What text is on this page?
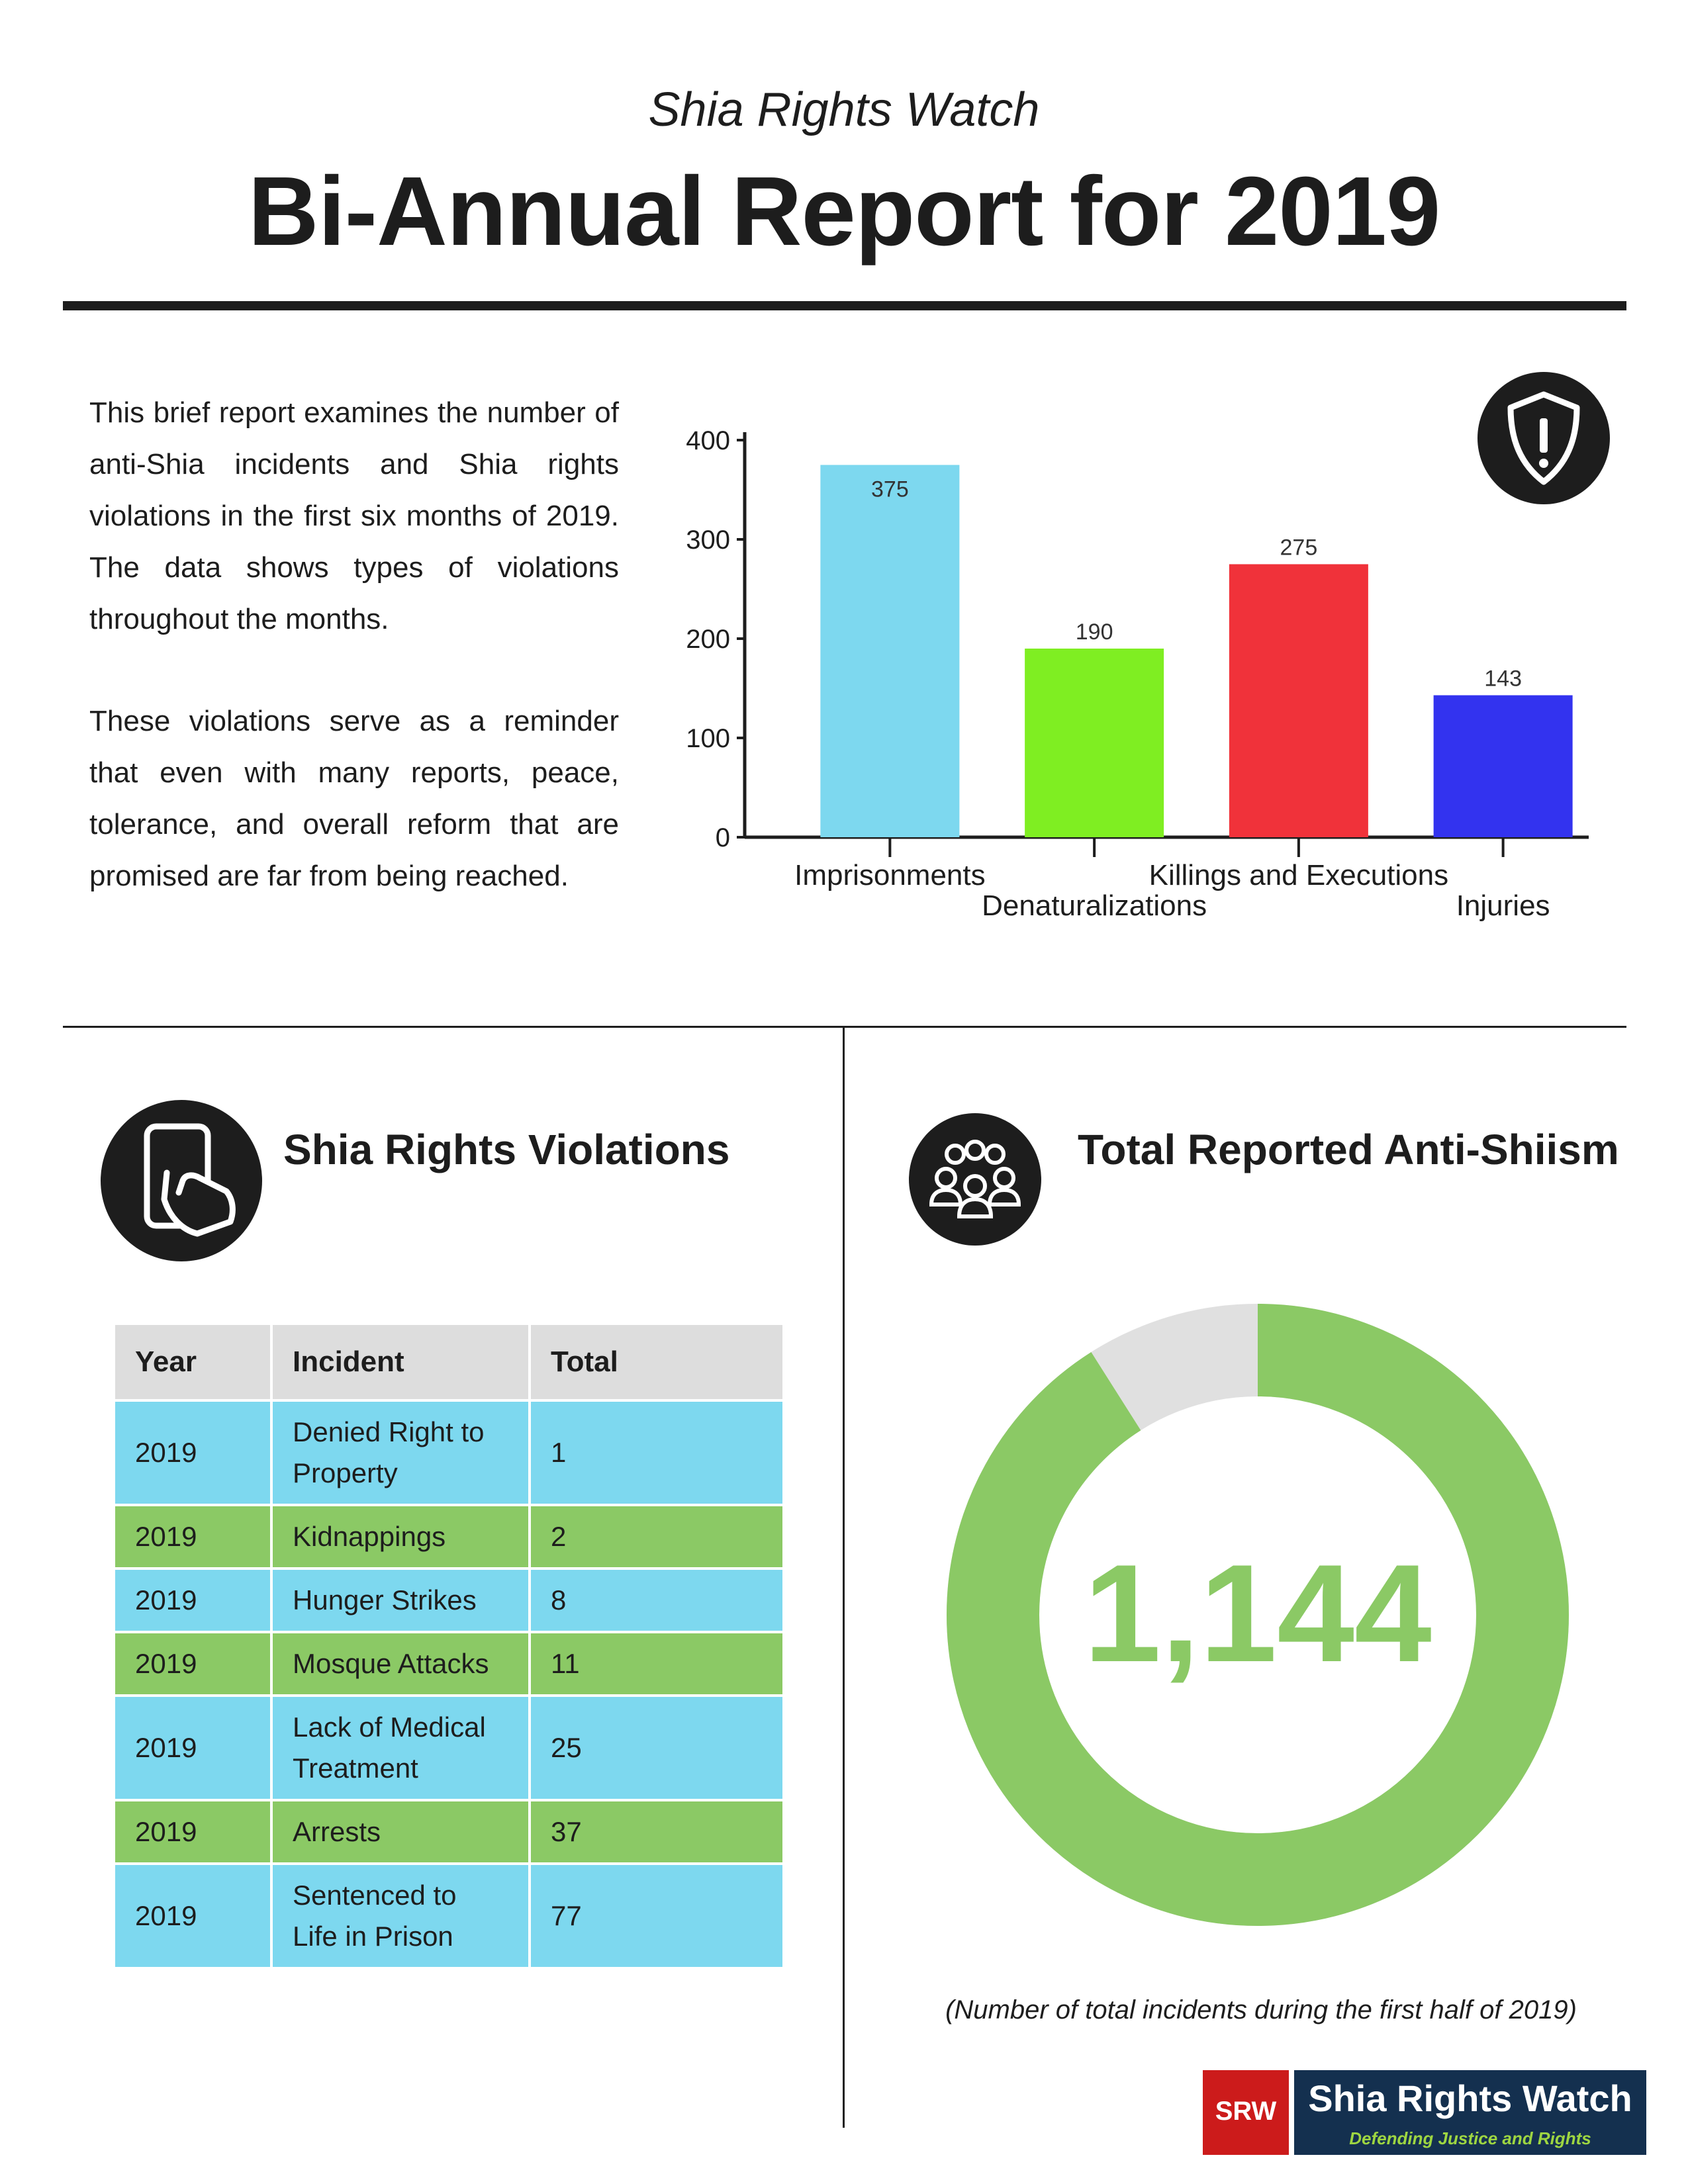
Shia Rights Watch
Bi-Annual Report for 2019

This brief report examines the number of anti-Shia incidents and Shia rights violations in the first six months of 2019. The data shows types of violations throughout the months.

These violations serve as a reminder that even with many reports, peace, tolerance, and overall reform that are promised are far from being reached.

0
100
200
300
400
375
Imprisonments
190
Denaturalizations
275
Killings and Executions
143
Injuries
Shia Rights Violations
Year	Incident	Total
2019	Denied Right to Property	1
2019	Kidnappings	2
2019	Hunger Strikes	8
2019	Mosque Attacks	11
2019	Lack of Medical Treatment	25
2019	Arrests	37
2019	Sentenced to Life in Prison	77
Total Reported Anti-Shiism
1,144
(Number of total incidents during the first half of 2019)
SRW Shia Rights Watch
Defending Justice and Rights
